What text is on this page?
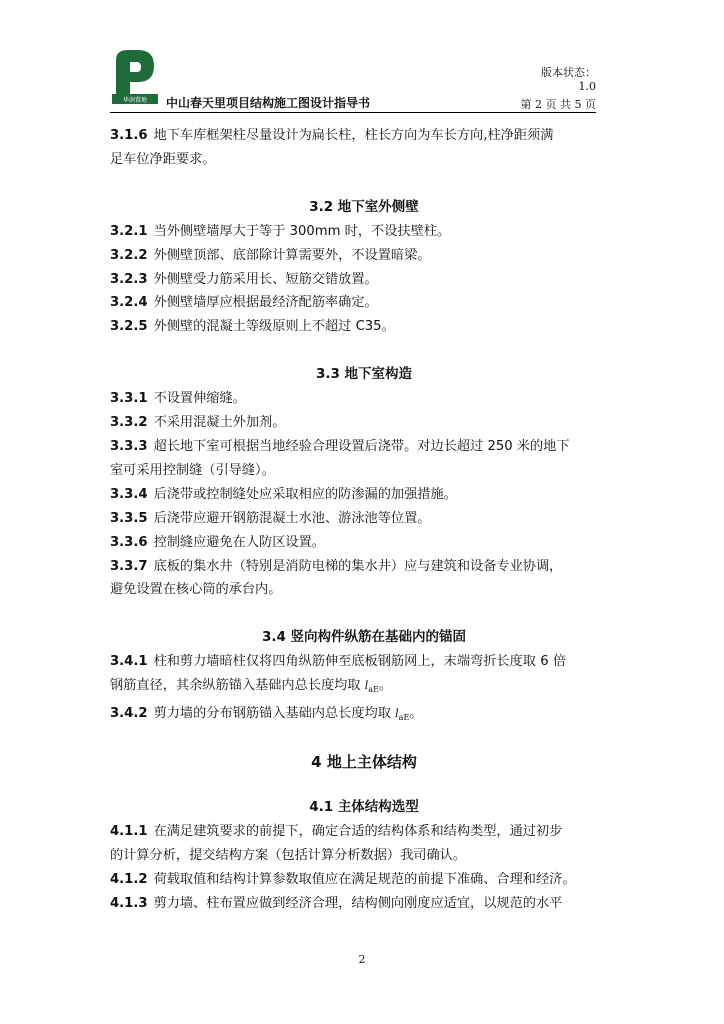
华润置地 中山春天里项目结构施工图设计指导书
版本状态：
1.0
第 2 页 共 5 页

3.1.6 地下车库框架柱尽量设计为扁长柱，柱长方向为车长方向,柱净距须满

足车位净距要求。

3.2 地下室外侧壁

3.2.1 当外侧壁墙厚大于等于 300mm 时，不设扶壁柱。

3.2.2 外侧壁顶部、底部除计算需要外，不设置暗梁。

3.2.3 外侧壁受力筋采用长、短筋交错放置。

3.2.4 外侧壁墙厚应根据最经济配筋率确定。

3.2.5 外侧壁的混凝土等级原则上不超过 C35。

3.3 地下室构造

3.3.1 不设置伸缩缝。

3.3.2 不采用混凝土外加剂。

3.3.3 超长地下室可根据当地经验合理设置后浇带。对边长超过 250 米的地下

室可采用控制缝（引导缝）。

3.3.4 后浇带或控制缝处应采取相应的防渗漏的加强措施。

3.3.5 后浇带应避开钢筋混凝土水池、游泳池等位置。

3.3.6 控制缝应避免在人防区设置。

3.3.7 底板的集水井（特别是消防电梯的集水井）应与建筑和设备专业协调，

避免设置在核心筒的承台内。

3.4 竖向构件纵筋在基础内的锚固

3.4.1 柱和剪力墙暗柱仅将四角纵筋伸至底板钢筋网上，末端弯折长度取 6 倍

钢筋直径，其余纵筋锚入基础内总长度均取 $l_{aE}$。

3.4.2 剪力墙的分布钢筋锚入基础内总长度均取 $l_{aE}$。

4 地上主体结构

4.1 主体结构选型

4.1.1 在满足建筑要求的前提下，确定合适的结构体系和结构类型，通过初步

的计算分析，提交结构方案（包括计算分析数据）我司确认。

4.1.2 荷载取值和结构计算参数取值应在满足规范的前提下准确、合理和经济。

4.1.3 剪力墙、柱布置应做到经济合理，结构侧向刚度应适宜，以规范的水平

2
